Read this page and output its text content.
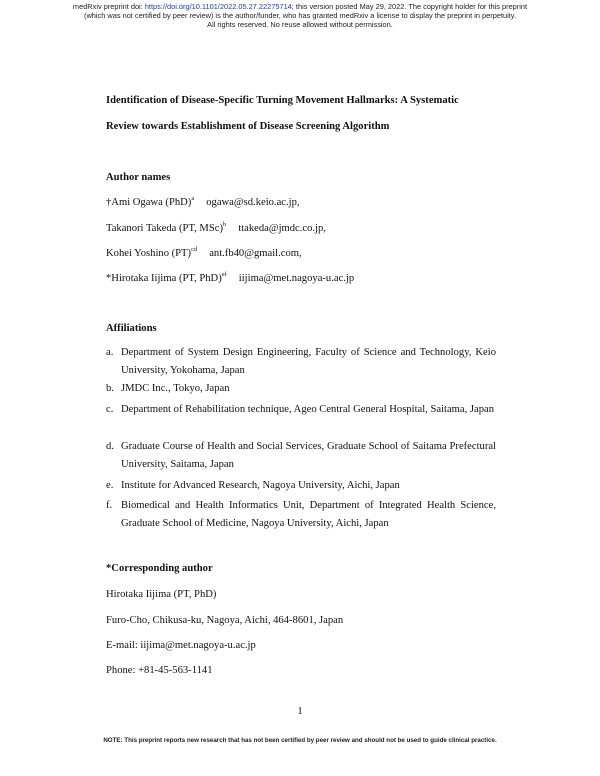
medRxiv preprint doi: https://doi.org/10.1101/2022.05.27.22275714; this version posted May 29, 2022. The copyright holder for this preprint
(which was not certified by peer review) is the author/funder, who has granted medRxiv a license to display the preprint in perpetuity.
All rights reserved. No reuse allowed without permission.
Identification of Disease-Specific Turning Movement Hallmarks: A Systematic
Review towards Establishment of Disease Screening Algorithm
Author names
†Ami Ogawa (PhD)$^a$ ogawa@sd.keio.ac.jp,
Takanori Takeda (PT, MSc)$^b$ ttakeda@jmdc.co.jp,
Kohei Yoshino (PT)$^{cd}$ ant.fb40@gmail.com,
*Hirotaka Iijima (PT, PhD)$^{ef}$ iijima@met.nagoya-u.ac.jp
Affiliations
a. Department of System Design Engineering, Faculty of Science and Technology, Keio University, Yokohama, Japan
b. JMDC Inc., Tokyo, Japan
c. Department of Rehabilitation technique, Ageo Central General Hospital, Saitama, Japan
d. Graduate Course of Health and Social Services, Graduate School of Saitama Prefectural University, Saitama, Japan
e. Institute for Advanced Research, Nagoya University, Aichi, Japan
f. Biomedical and Health Informatics Unit, Department of Integrated Health Science, Graduate School of Medicine, Nagoya University, Aichi, Japan
*Corresponding author
Hirotaka Iijima (PT, PhD)
Furo-Cho, Chikusa-ku, Nagoya, Aichi, 464-8601, Japan
E-mail: iijima@met.nagoya-u.ac.jp
Phone: +81-45-563-1141
1
NOTE: This preprint reports new research that has not been certified by peer review and should not be used to guide clinical practice.
